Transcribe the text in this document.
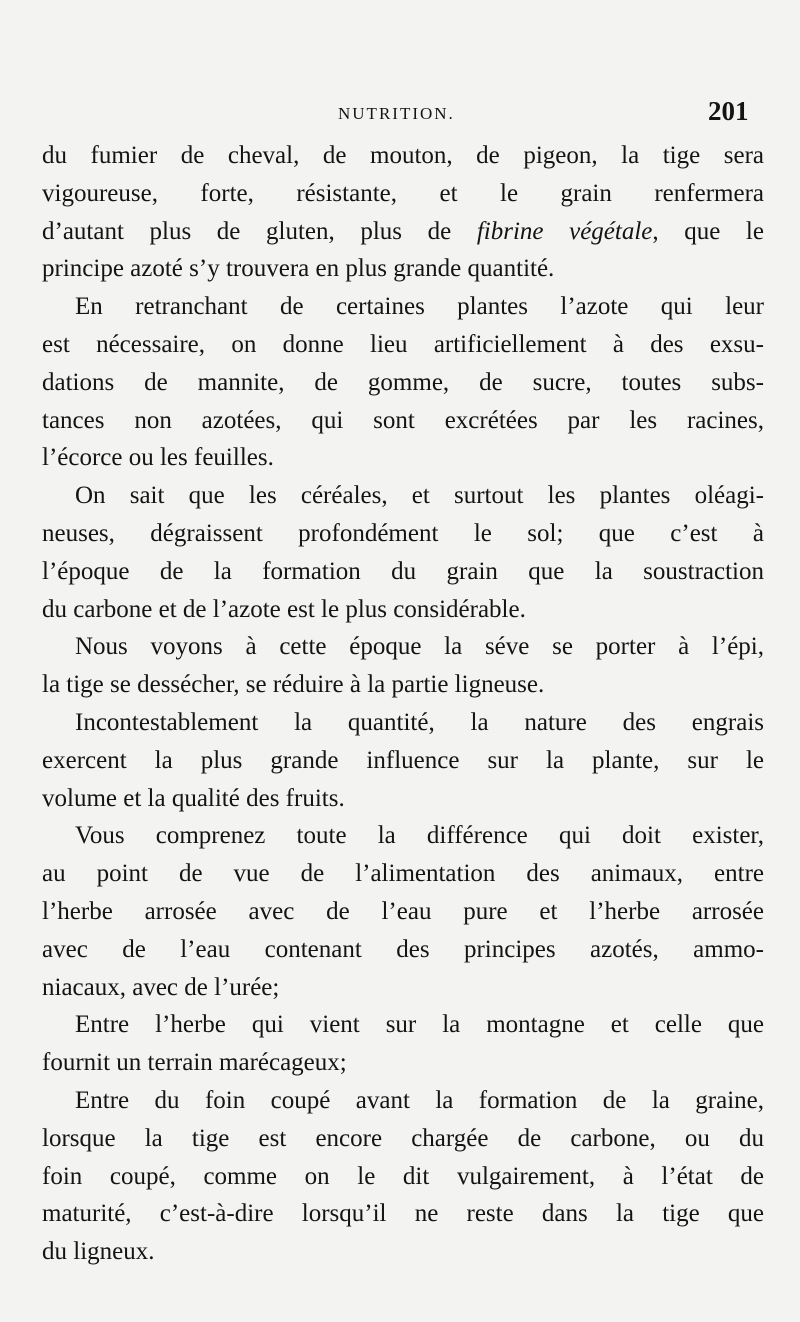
NUTRITION.	201
du fumier de cheval, de mouton, de pigeon, la tige sera
vigoureuse, forte, résistante, et le grain renfermera
d’autant plus de gluten, plus de fibrine végétale, que le
principe azoté s’y trouvera en plus grande quantité.
En retranchant de certaines plantes l’azote qui leur
est nécessaire, on donne lieu artificiellement à des exsu-
dations de mannite, de gomme, de sucre, toutes subs-
tances non azotées, qui sont excrétées par les racines,
l’écorce ou les feuilles.
On sait que les céréales, et surtout les plantes oléagi-
neuses, dégraissent profondément le sol; que c’est à
l’époque de la formation du grain que la soustraction
du carbone et de l’azote est le plus considérable.
Nous voyons à cette époque la séve se porter à l’épi,
la tige se dessécher, se réduire à la partie ligneuse.
Incontestablement la quantité, la nature des engrais
exercent la plus grande influence sur la plante, sur le
volume et la qualité des fruits.
Vous comprenez toute la différence qui doit exister,
au point de vue de l’alimentation des animaux, entre
l’herbe arrosée avec de l’eau pure et l’herbe arrosée
avec de l’eau contenant des principes azotés, ammo-
niacaux, avec de l’urée;
Entre l’herbe qui vient sur la montagne et celle que
fournit un terrain marécageux;
Entre du foin coupé avant la formation de la graine,
lorsque la tige est encore chargée de carbone, ou du
foin coupé, comme on le dit vulgairement, à l’état de
maturité, c’est-à-dire lorsqu’il ne reste dans la tige que
du ligneux.
